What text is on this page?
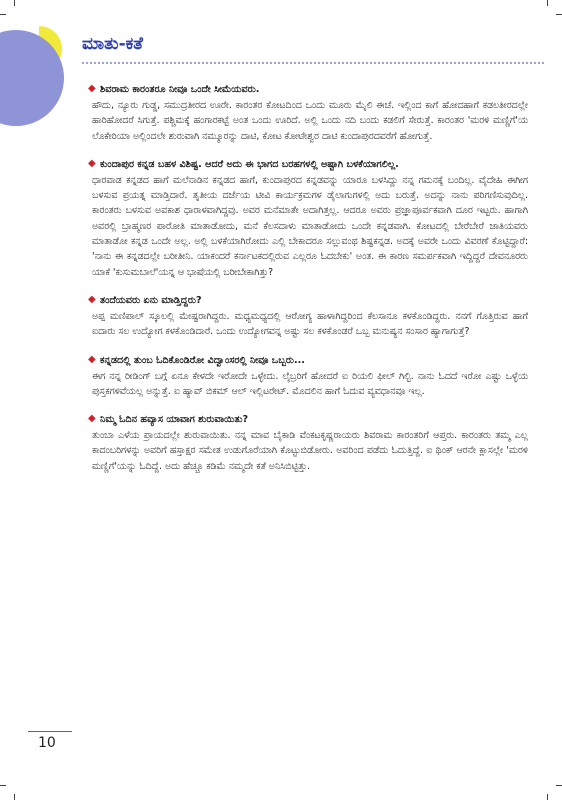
ಮಾತು-ಕತೆ
◆ ಶಿವರಾಮ ಕಾರಂತರೂ ನೀವೂ ಒಂದೇ ಸೀಮೆಯವರು.
ಹೌದು, ನ್ಯೂರು ಗುಡ್ಡ, ಸಮುದ್ರತೀರದ ಊರೇ. ಕಾರಂತರ ಕೋಟದಿಂದ ಒಂದು ಮೂರು ಮೈಲಿ ಈಚೆ. ಇಲ್ಲಿಂದ ಕಾಗೆ ಹೋದಹಾಗೆ ಕಡಲತೀರದಲ್ಲೇ ಹಾರಿಹೋದರೆ ಸಿಗುತ್ತೆ. ಪಶ್ಚಿಮಕ್ಕೆ ಹಂಗಾರಕಟ್ಟೆ ಅಂತ ಒಂದು ಊರಿದೆ. ಅಲ್ಲಿ ಒಂದು ನದಿ ಬಂದು ಕಡಲಿಗೆ ಸೇರುತ್ತೆ. ಕಾರಂತರ 'ಮರಳಿ ಮಣ್ಣಿಗೆ'ಯ ಲೊಕೇರಿಯಾ ಅಲ್ಲಿಂದಲೇ ಶುರುವಾಗಿ ನಮ್ಮೂರನ್ನು ದಾಟಿ, ಕೋಟ ಕೋಟೇಶ್ವರ ದಾಟಿ ಕುಂದಾಪುರದವರೆಗೆ ಹೋಗುತ್ತೆ.
◆ ಕುಂದಾಪುರ ಕನ್ನಡ ಬಹಳ ವಿಶಿಷ್ಟ. ಆದರೆ ಅದು ಈ ಭಾಗದ ಬರಹಗಳಲ್ಲಿ ಅಷ್ಟಾಗಿ ಬಳಕೆಯಾಗಲಿಲ್ಲ.
ಧಾರವಾಡ ಕನ್ನಡದ ಹಾಗೆ ಮಲೆನಾಡಿನ ಕನ್ನಡದ ಹಾಗೆ, ಕುಂದಾಪುರದ ಕನ್ನಡವನ್ನು ಯಾರೂ ಬಳಸಿದ್ದು ನನ್ನ ಗಮನಕ್ಕೆ ಬಂದಿಲ್ಲ. ವೈದೇಹಿ ಈಗೀಗ ಬಳಸುವ ಪ್ರಯತ್ನ ಮಾಡ್ತಿದಾರೆ. ತೃತೀಯ ದರ್ಜೆಯ ಟೀವಿ ಕಾರ್ಯಕ್ರಮಗಳ ಡೈಲಾಗುಗಳಲ್ಲಿ ಅದು ಬರುತ್ತೆ. ಅದನ್ನು ನಾನು ಪರಿಗಣಿಸುವುದಿಲ್ಲ. ಕಾರಂತರು ಬಳಸುವ ಅವಕಾಶ ಧಾರಾಳವಾಗಿದ್ದವು. ಅವರ ಮನೆಮಾತೇ ಅದಾಗಿತ್ತಲ್ಲ. ಆದರೂ ಅವರು ಪ್ರಜ್ಞಾಪೂರ್ವಕವಾಗಿ ದೂರ ಇಟ್ಟರು. ಹಾಗಾಗಿ ಅವರಲ್ಲಿ ಬ್ರಾಹ್ಮಣರ ಪಾರೋತಿ ಮಾತಾಡೋದು, ಮನೆ ಕೆಲಸದಾಳು ಮಾತಾಡೋದು ಒಂದೇ ಕನ್ನಡವಾಗಿ. ಕೋಟದಲ್ಲಿ ಬೇರೆಬೇರೆ ಜಾತಿಯವರು ಮಾತಾಡೋ ಕನ್ನಡ ಒಂದೇ ಅಲ್ಲ. ಅಲ್ಲಿ ಬಳಕೆಯಾಗಿರೋದು ಎಲ್ಲಿ ಬೇಕಾದರೂ ಸಲ್ಲುವಂಥ ಶಿಷ್ಟಕನ್ನಡ. ಅದಕ್ಕೆ ಅವರೇ ಒಂದು ವಿವರಣೆ ಕೊಟ್ಟಿದ್ದಾರೆ: 'ನಾನು ಈ ಕನ್ನಡದಲ್ಲೇ ಬರೀತೀನಿ. ಯಾಕಂದರೆ ಕರ್ನಾಟಕದಲ್ಲಿರುವ ಎಲ್ಲರೂ ಓದಬೇಕು' ಅಂತ. ಈ ಕಾರಣ ಸಮರ್ಪಕವಾಗಿ ಇದ್ದಿದ್ದರೆ ದೇವನೂರರು ಯಾಕೆ 'ಕುಸುಮಬಾಲೆ'ಯನ್ನ ಆ ಭಾಷೆಯಲ್ಲಿ ಬರೀಬೇಕಾಗಿತ್ತು?
◆ ತಂದೆಯವರು ಏನು ಮಾಡ್ತಿದ್ದರು?
ಅಪ್ಪ ಮಣಿಪಾಲ್ ಸ್ಕೂಲಲ್ಲಿ ಮೇಷ್ಟರಾಗಿದ್ದರು. ಮಧ್ಯಮಧ್ಯದಲ್ಲಿ ಆರೋಗ್ಯ ಹಾಳಾಗಿದ್ದರಿಂದ ಕೆಲಸಾನೂ ಕಳಕೊಂಡಿದ್ದರು. ನನಗೆ ಗೊತ್ತಿರುವ ಹಾಗೆ ಐದಾರು ಸಲ ಉದ್ಯೋಗ ಕಳಕೊಂಡಿದಾರೆ. ಒಂದು ಉದ್ಯೋಗವನ್ನ ಅಷ್ಟು ಸಲ ಕಳಕೊಂಡರೆ ಒಬ್ಬ ಮನುಷ್ಯನ ಸಂಸಾರ ಹ್ಯಾಗಾಗುತ್ತೆ?
◆ ಕನ್ನಡದಲ್ಲಿ ತುಂಬ ಓದಿಕೊಂಡಿರೋ ವಿದ್ವಾಂಸರಲ್ಲಿ ನೀವೂ ಒಬ್ಬರು...
ಈಗ ನನ್ನ ರೀಡಿಂಗ್ ಬಗ್ಗೆ ಏನೂ ಕೇಳದೇ ಇರೋದೇ ಒಳ್ಳೇದು. ಲೈಬ್ರರಿಗೆ ಹೋದರೆ ಐ ರಿಯಲಿ ಫೀಲ್ ಗಿಲ್ಟಿ. ನಾನು ಓದದೆ ಇರೋ ಎಷ್ಟು ಒಳ್ಳೆಯ ಪುಸ್ತಕಗಳಿವೆಯಲ್ಲ ಅನ್ನುತ್ತೆ. ಐ ಹ್ಯಾವ್ ಬಿಕಮ್ ಆಲ್ ಇಲ್ಲಿಟರೇಟ್. ಮೊದಲಿನ ಹಾಗೆ ಓದುವ ವ್ಯವಧಾನವೂ ಇಲ್ಲ.
◆ ನಿಮ್ಮ ಓದಿನ ಹವ್ಯಾಸ ಯಾವಾಗ ಶುರುವಾಯಿತು?
ತುಂಬಾ ಎಳೆಯ ಪ್ರಾಯದಲ್ಲೇ ಶುರುವಾಯಿತು. ನನ್ನ ಮಾವ ಬೈಕಾಡಿ ವೆಂಕಟಕೃಷ್ಣರಾಯರು ಶಿವರಾಮ ಕಾರಂತರಿಗೆ ಆಪ್ತರು. ಕಾರಂತರು ತಮ್ಮ ಎಲ್ಲ ಕಾದಂಬರಿಗಳನ್ನು ಅವರಿಗೆ ಹಸ್ತಾಕ್ಷರ ಸಮೇತ ಉಡುಗೊರೆಯಾಗಿ ಕೊಟ್ಟುಬಿಡೋರು. ಅವರಿಂದ ಪಡೆದು ಓದುತ್ತಿದ್ದೆ. ಐ ಥಿಂಕ್ ಆರನೇ ಕ್ಲಾಸಲ್ಲೇ 'ಮರಳಿ ಮಣ್ಣಿಗೆ'ಯನ್ನು ಓದಿದ್ದೆ. ಅದು ಹೆಚ್ಚೂ ಕಡಿಮೆ ನಮ್ಮದೇ ಕತೆ ಅನಿಸಿಬಿಟ್ಟಿತ್ತು.
10
